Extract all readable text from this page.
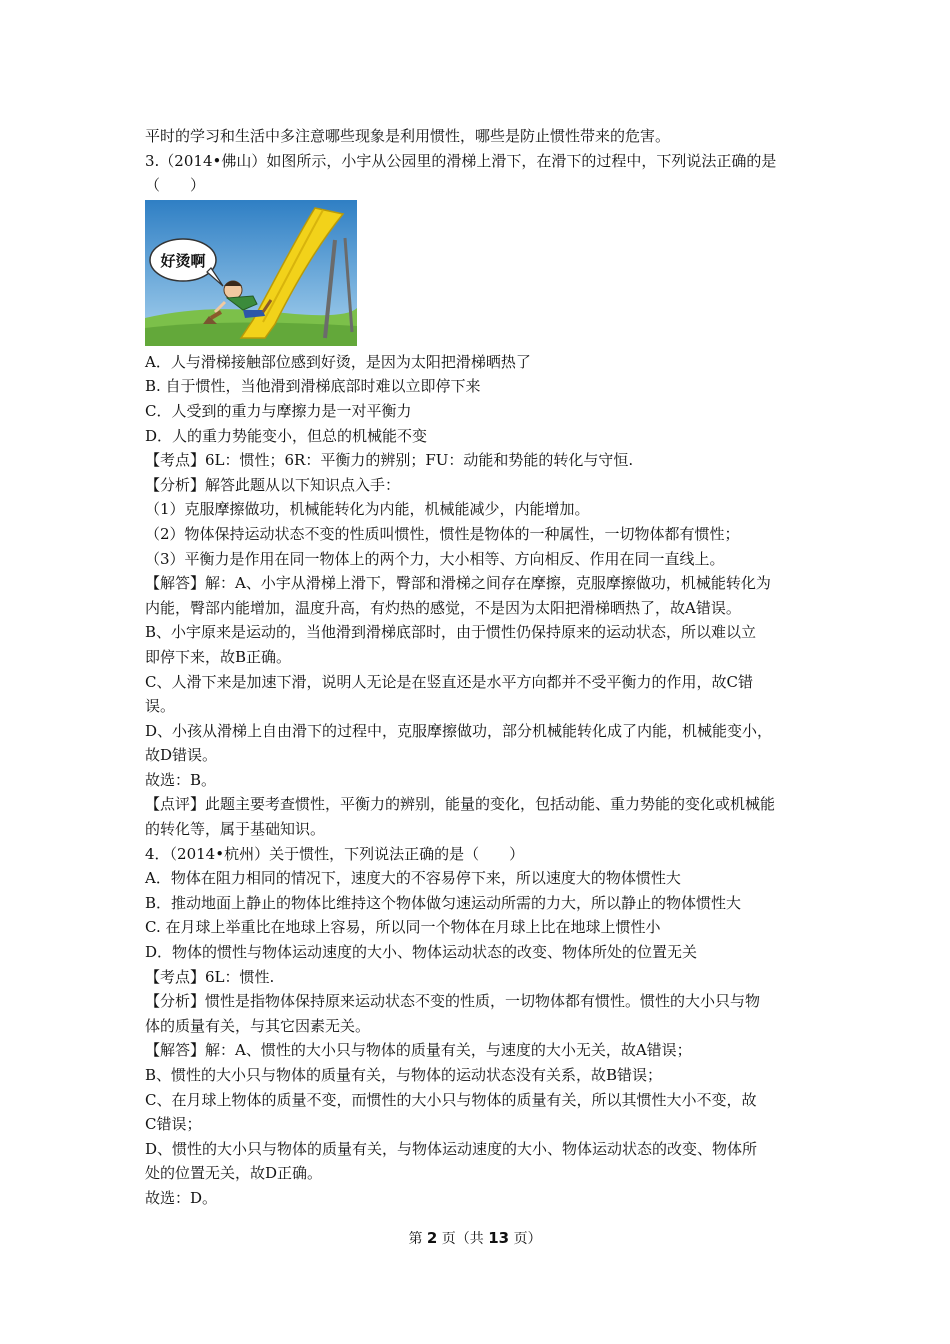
平时的学习和生活中多注意哪些现象是利用惯性，哪些是防止惯性带来的危害。
3.（2014•佛山）如图所示，小宇从公园里的滑梯上滑下，在滑下的过程中，下列说法正确的是
（　　）
好烫啊
A．人与滑梯接触部位感到好烫，是因为太阳把滑梯晒热了
B. 自于惯性，当他滑到滑梯底部时难以立即停下来
C．人受到的重力与摩擦力是一对平衡力
D．人的重力势能变小，但总的机械能不变
【考点】6L：惯性；6R：平衡力的辨别；FU：动能和势能的转化与守恒.
【分析】解答此题从以下知识点入手：
（1）克服摩擦做功，机械能转化为内能，机械能减少，内能增加。
（2）物体保持运动状态不变的性质叫惯性，惯性是物体的一种属性，一切物体都有惯性；
（3）平衡力是作用在同一物体上的两个力，大小相等、方向相反、作用在同一直线上。
【解答】解：A、小宇从滑梯上滑下，臀部和滑梯之间存在摩擦，克服摩擦做功，机械能转化为
内能，臀部内能增加，温度升高，有灼热的感觉，不是因为太阳把滑梯晒热了，故A错误。
B、小宇原来是运动的，当他滑到滑梯底部时，由于惯性仍保持原来的运动状态，所以难以立
即停下来，故B正确。
C、人滑下来是加速下滑，说明人无论是在竖直还是水平方向都并不受平衡力的作用，故C错
误。
D、小孩从滑梯上自由滑下的过程中，克服摩擦做功，部分机械能转化成了内能，机械能变小，
故D错误。
故选：B。
【点评】此题主要考查惯性，平衡力的辨别，能量的变化，包括动能、重力势能的变化或机械能
的转化等，属于基础知识。
4．（2014•杭州）关于惯性，下列说法正确的是（　　）
A．物体在阻力相同的情况下，速度大的不容易停下来，所以速度大的物体惯性大
B．推动地面上静止的物体比维持这个物体做匀速运动所需的力大，所以静止的物体惯性大
C. 在月球上举重比在地球上容易，所以同一个物体在月球上比在地球上惯性小
D．物体的惯性与物体运动速度的大小、物体运动状态的改变、物体所处的位置无关
【考点】6L：惯性.
【分析】惯性是指物体保持原来运动状态不变的性质，一切物体都有惯性。惯性的大小只与物
体的质量有关，与其它因素无关。
【解答】解：A、惯性的大小只与物体的质量有关，与速度的大小无关，故A错误；
B、惯性的大小只与物体的质量有关，与物体的运动状态没有关系，故B错误；
C、在月球上物体的质量不变，而惯性的大小只与物体的质量有关，所以其惯性大小不变，故
C错误；
D、惯性的大小只与物体的质量有关，与物体运动速度的大小、物体运动状态的改变、物体所
处的位置无关，故D正确。
故选：D。
第 2 页（共 13 页）
